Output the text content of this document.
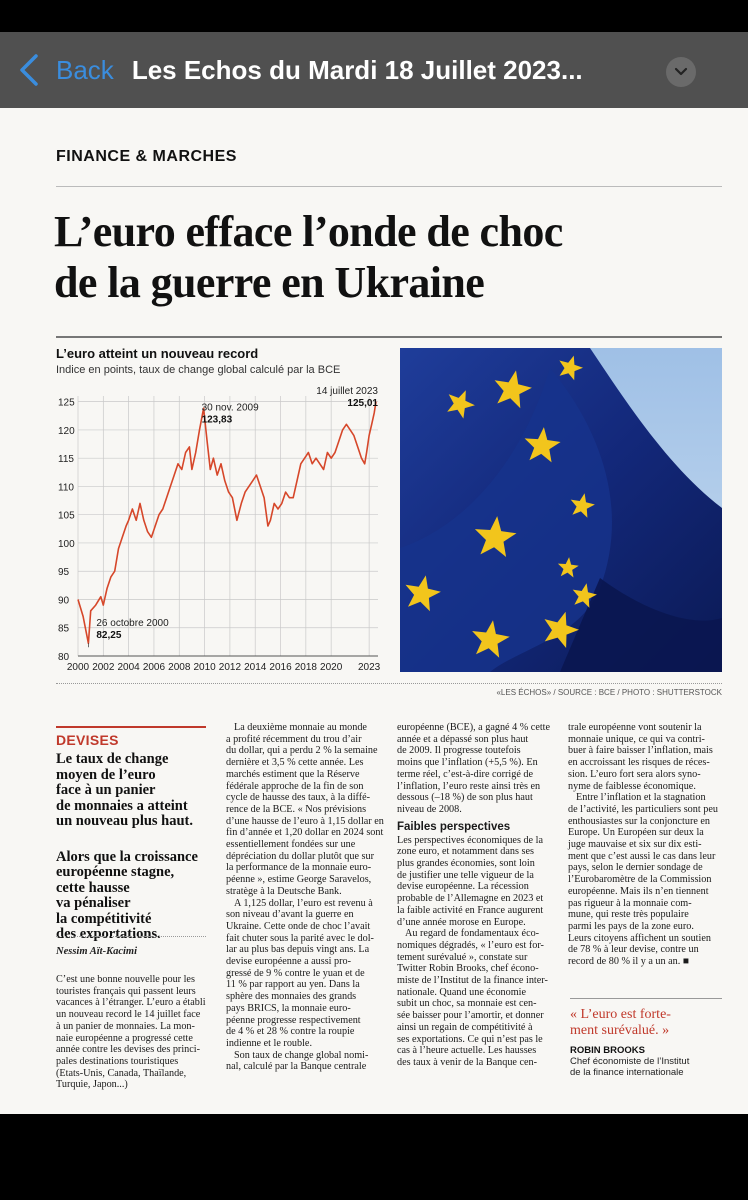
Back Les Echos du Mardi 18 Juillet 2023...
FINANCE & MARCHES
L’euro efface l’onde de choc
de la guerre en Ukraine
L’euro atteint un nouveau record
Indice en points, taux de change global calculé par la BCE
2000 2002 2004 2006 2008 2010 2012 2014 2016 2018 2020 2023
80
85
90
95
100
105
110
115
120
125
26 octobre 2000
82,25
30 nov. 2009
123,83
14 juillet 2023
125,01
«LES ÉCHOS» / SOURCE : BCE / PHOTO : SHUTTERSTOCK
DEVISES
Le taux de change
moyen de l’euro
face à un panier
de monnaies a atteint
un nouveau plus haut.
Alors que la croissance
européenne stagne,
cette hausse
va pénaliser
la compétitivité
des exportations.
Nessim Aït-Kacimi
C’est une bonne nouvelle pour les
touristes français qui passent leurs
vacances à l’étranger. L’euro a établi
un nouveau record le 14 juillet face
à un panier de monnaies. La mon-
naie européenne a progressé cette
année contre les devises des princi-
pales destinations touristiques
(Etats-Unis, Canada, Thaïlande,
Turquie, Japon...)
La deuxième monnaie au monde
a profité récemment du trou d’air
du dollar, qui a perdu 2 % la semaine
dernière et 3,5 % cette année. Les
marchés estiment que la Réserve
fédérale approche de la fin de son
cycle de hausse des taux, à la diffé-
rence de la BCE. « Nos prévisions
d’une hausse de l’euro à 1,15 dollar en
fin d’année et 1,20 dollar en 2024 sont
essentiellement fondées sur une
dépréciation du dollar plutôt que sur
la performance de la monnaie euro-
péenne », estime George Saravelos,
stratège à la Deutsche Bank.
A 1,125 dollar, l’euro est revenu à
son niveau d’avant la guerre en
Ukraine. Cette onde de choc l’avait
fait chuter sous la parité avec le dol-
lar au plus bas depuis vingt ans. La
devise européenne a aussi pro-
gressé de 9 % contre le yuan et de
11 % par rapport au yen. Dans la
sphère des monnaies des grands
pays BRICS, la monnaie euro-
péenne progresse respectivement
de 4 % et 28 % contre la roupie
indienne et le rouble.
Son taux de change global nomi-
nal, calculé par la Banque centrale
européenne (BCE), a gagné 4 % cette
année et a dépassé son plus haut
de 2009. Il progresse toutefois
moins que l’inflation (+5,5 %). En
terme réel, c’est-à-dire corrigé de
l’inflation, l’euro reste ainsi très en
dessous (–18 %) de son plus haut
niveau de 2008.
Faibles perspectives
Les perspectives économiques de la
zone euro, et notamment dans ses
plus grandes économies, sont loin
de justifier une telle vigueur de la
devise européenne. La récession
probable de l’Allemagne en 2023 et
la faible activité en France augurent
d’une année morose en Europe.
Au regard de fondamentaux éco-
nomiques dégradés, « l’euro est for-
tement surévalué », constate sur
Twitter Robin Brooks, chef écono-
miste de l’Institut de la finance inter-
nationale. Quand une économie
subit un choc, sa monnaie est cen-
sée baisser pour l’amortir, et donner
ainsi un regain de compétitivité à
ses exportations. Ce qui n’est pas le
cas à l’heure actuelle. Les hausses
des taux à venir de la Banque cen-
trale européenne vont soutenir la
monnaie unique, ce qui va contri-
buer à faire baisser l’inflation, mais
en accroissant les risques de réces-
sion. L’euro fort sera alors syno-
nyme de faiblesse économique.
Entre l’inflation et la stagnation
de l’activité, les particuliers sont peu
enthousiastes sur la conjoncture en
Europe. Un Européen sur deux la
juge mauvaise et six sur dix esti-
ment que c’est aussi le cas dans leur
pays, selon le dernier sondage de
l’Eurobaromètre de la Commission
européenne. Mais ils n’en tiennent
pas rigueur à la monnaie com-
mune, qui reste très populaire
parmi les pays de la zone euro.
Leurs citoyens affichent un soutien
de 78 % à leur devise, contre un
record de 80 % il y a un an. ■
« L’euro est forte-
ment surévalué. »
ROBIN BROOKS
Chef économiste de l’Institut
de la finance internationale
